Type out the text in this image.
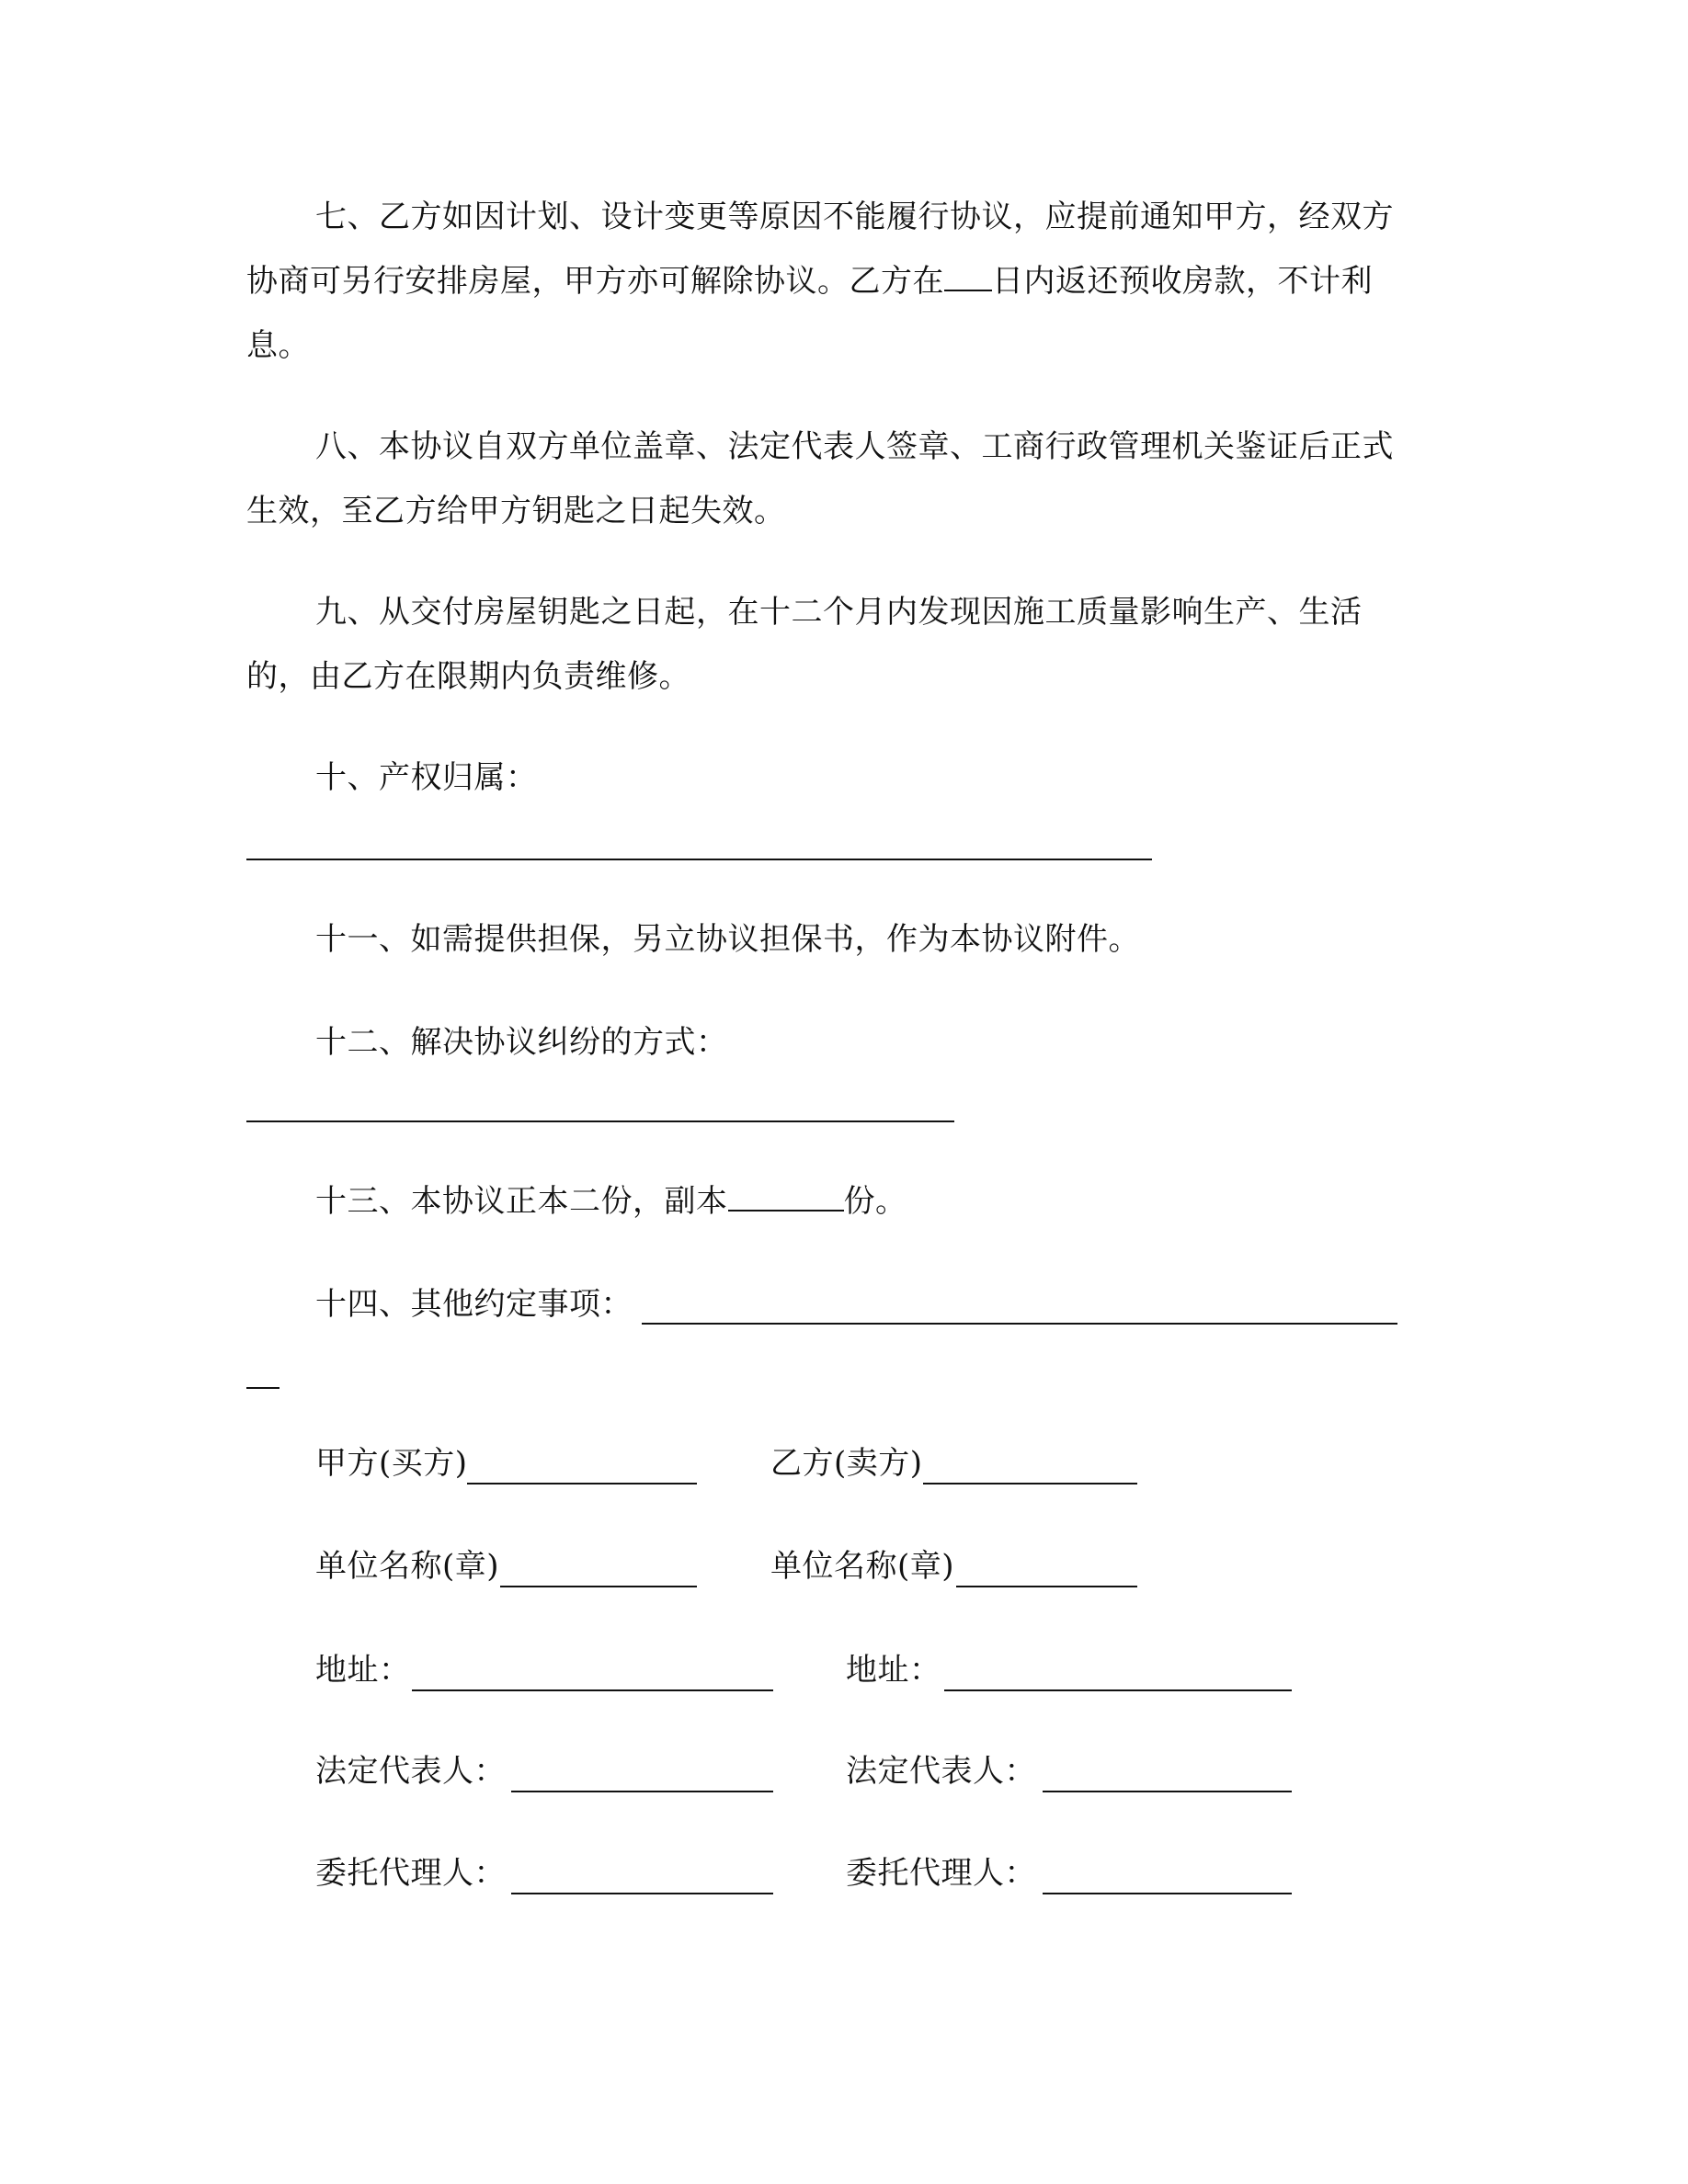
七、乙方如因计划、设计变更等原因不能履行协议，应提前通知甲方，经双方
协商可另行安排房屋，甲方亦可解除协议。乙方在 日内返还预收房款，不计利
息。
八、本协议自双方单位盖章、法定代表人签章、工商行政管理机关鉴证后正式
生效，至乙方给甲方钥匙之日起失效。
九、从交付房屋钥匙之日起，在十二个月内发现因施工质量影响生产、生活
的，由乙方在限期内负责维修。
十、产权归属：
十一、如需提供担保，另立协议担保书，作为本协议附件。
十二、解决协议纠纷的方式：
十三、本协议正本二份，副本	份。
十四、其他约定事项：
甲方(买方)
单位名称(章)
地址：
法定代表人：
委托代理人：
乙方(卖方)
单位名称(章)
地址：
法定代表人：
委托代理人：
